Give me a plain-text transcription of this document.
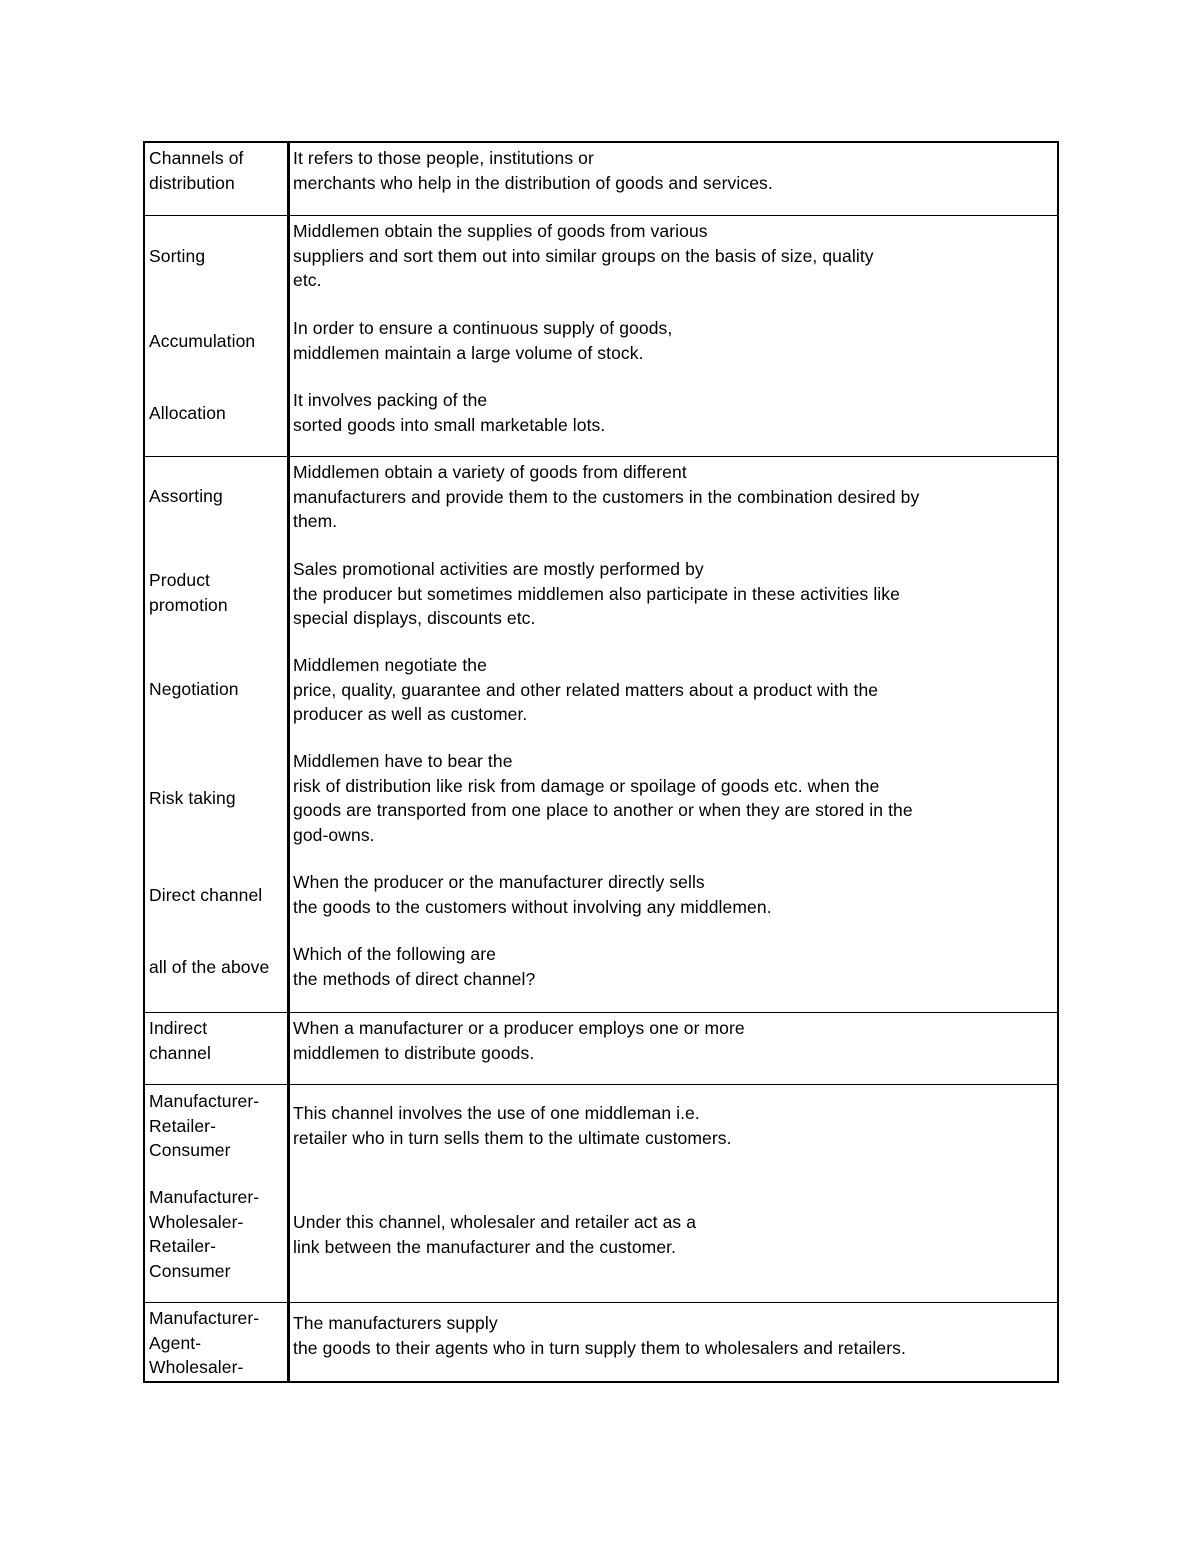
Channels of
distribution
It refers to those people, institutions or
merchants who help in the distribution of goods and services.
Sorting
Middlemen obtain the supplies of goods from various
suppliers and sort them out into similar groups on the basis of size, quality
etc.
Accumulation
In order to ensure a continuous supply of goods,
middlemen maintain a large volume of stock.
Allocation
It involves packing of the
sorted goods into small marketable lots.
Assorting
Middlemen obtain a variety of goods from different
manufacturers and provide them to the customers in the combination desired by
them.
Product
promotion
Sales promotional activities are mostly performed by
the producer but sometimes middlemen also participate in these activities like
special displays, discounts etc.
Negotiation
Middlemen negotiate the
price, quality, guarantee and other related matters about a product with the
producer as well as customer.
Risk taking
Middlemen have to bear the
risk of distribution like risk from damage or spoilage of goods etc. when the
goods are transported from one place to another or when they are stored in the
god-owns.
Direct channel
When the producer or the manufacturer directly sells
the goods to the customers without involving any middlemen.
all of the above
Which of the following are
the methods of direct channel?
Indirect
channel
When a manufacturer or a producer employs one or more
middlemen to distribute goods.
Manufacturer-
Retailer-
Consumer
This channel involves the use of one middleman i.e.
retailer who in turn sells them to the ultimate customers.
Manufacturer-
Wholesaler-
Retailer-
Consumer
Under this channel, wholesaler and retailer act as a
link between the manufacturer and the customer.
Manufacturer-
Agent-
Wholesaler-
The manufacturers supply
the goods to their agents who in turn supply them to wholesalers and retailers.
